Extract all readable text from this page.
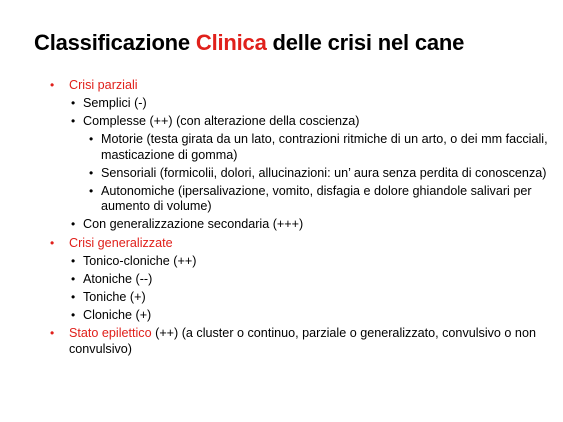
Classificazione Clinica delle crisi nel cane
• Crisi parziali
• Semplici (-)
• Complesse (++) (con alterazione della coscienza)
• Motorie (testa girata da un lato, contrazioni ritmiche di un arto, o dei mm facciali, masticazione di gomma)
• Sensoriali (formicolii, dolori, allucinazioni: un’ aura senza perdita di conoscenza)
• Autonomiche (ipersalivazione, vomito, disfagia e dolore ghiandole salivari per aumento di volume)
• Con generalizzazione secondaria (+++)
• Crisi generalizzate
• Tonico-cloniche (++)
• Atoniche (--)
• Toniche (+)
• Cloniche (+)
• Stato epilettico (++) (a cluster o continuo, parziale o generalizzato, convulsivo o non convulsivo)
